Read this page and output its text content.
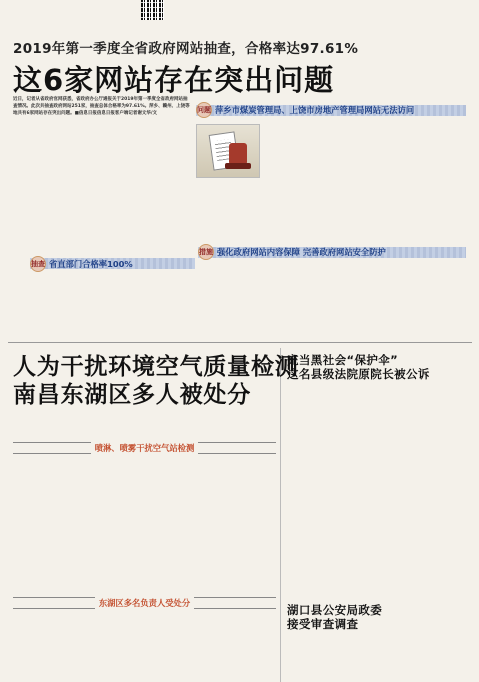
2019年第一季度全省政府网站抽查，合格率达97.61%
这6家网站存在突出问题
近日，记者从省政府官网获悉，省政府办公厅通报关于2019年第一季度全省政府网站抽查情况。此次共抽查政府网站251家，抽查总体合格率为97.61%。萍乡、赣州、上饶等地共有6家网站存在突出问题。■信息日报信息日报客户端记者谢文华/文	问题 萍乡市煤炭管理局、上饶市房地产管理局网站无法访问
抽查 省直部门合格率100%
措施 强化政府网站内容保障 完善政府网站安全防护
人为干扰环境空气质量检测
南昌东湖区多人被处分
喷淋、喷雾干扰空气站检测
东湖区多名负责人受处分
充当黑社会“保护伞”
这名县级法院原院长被公诉
湖口县公安局政委
接受审查调查
